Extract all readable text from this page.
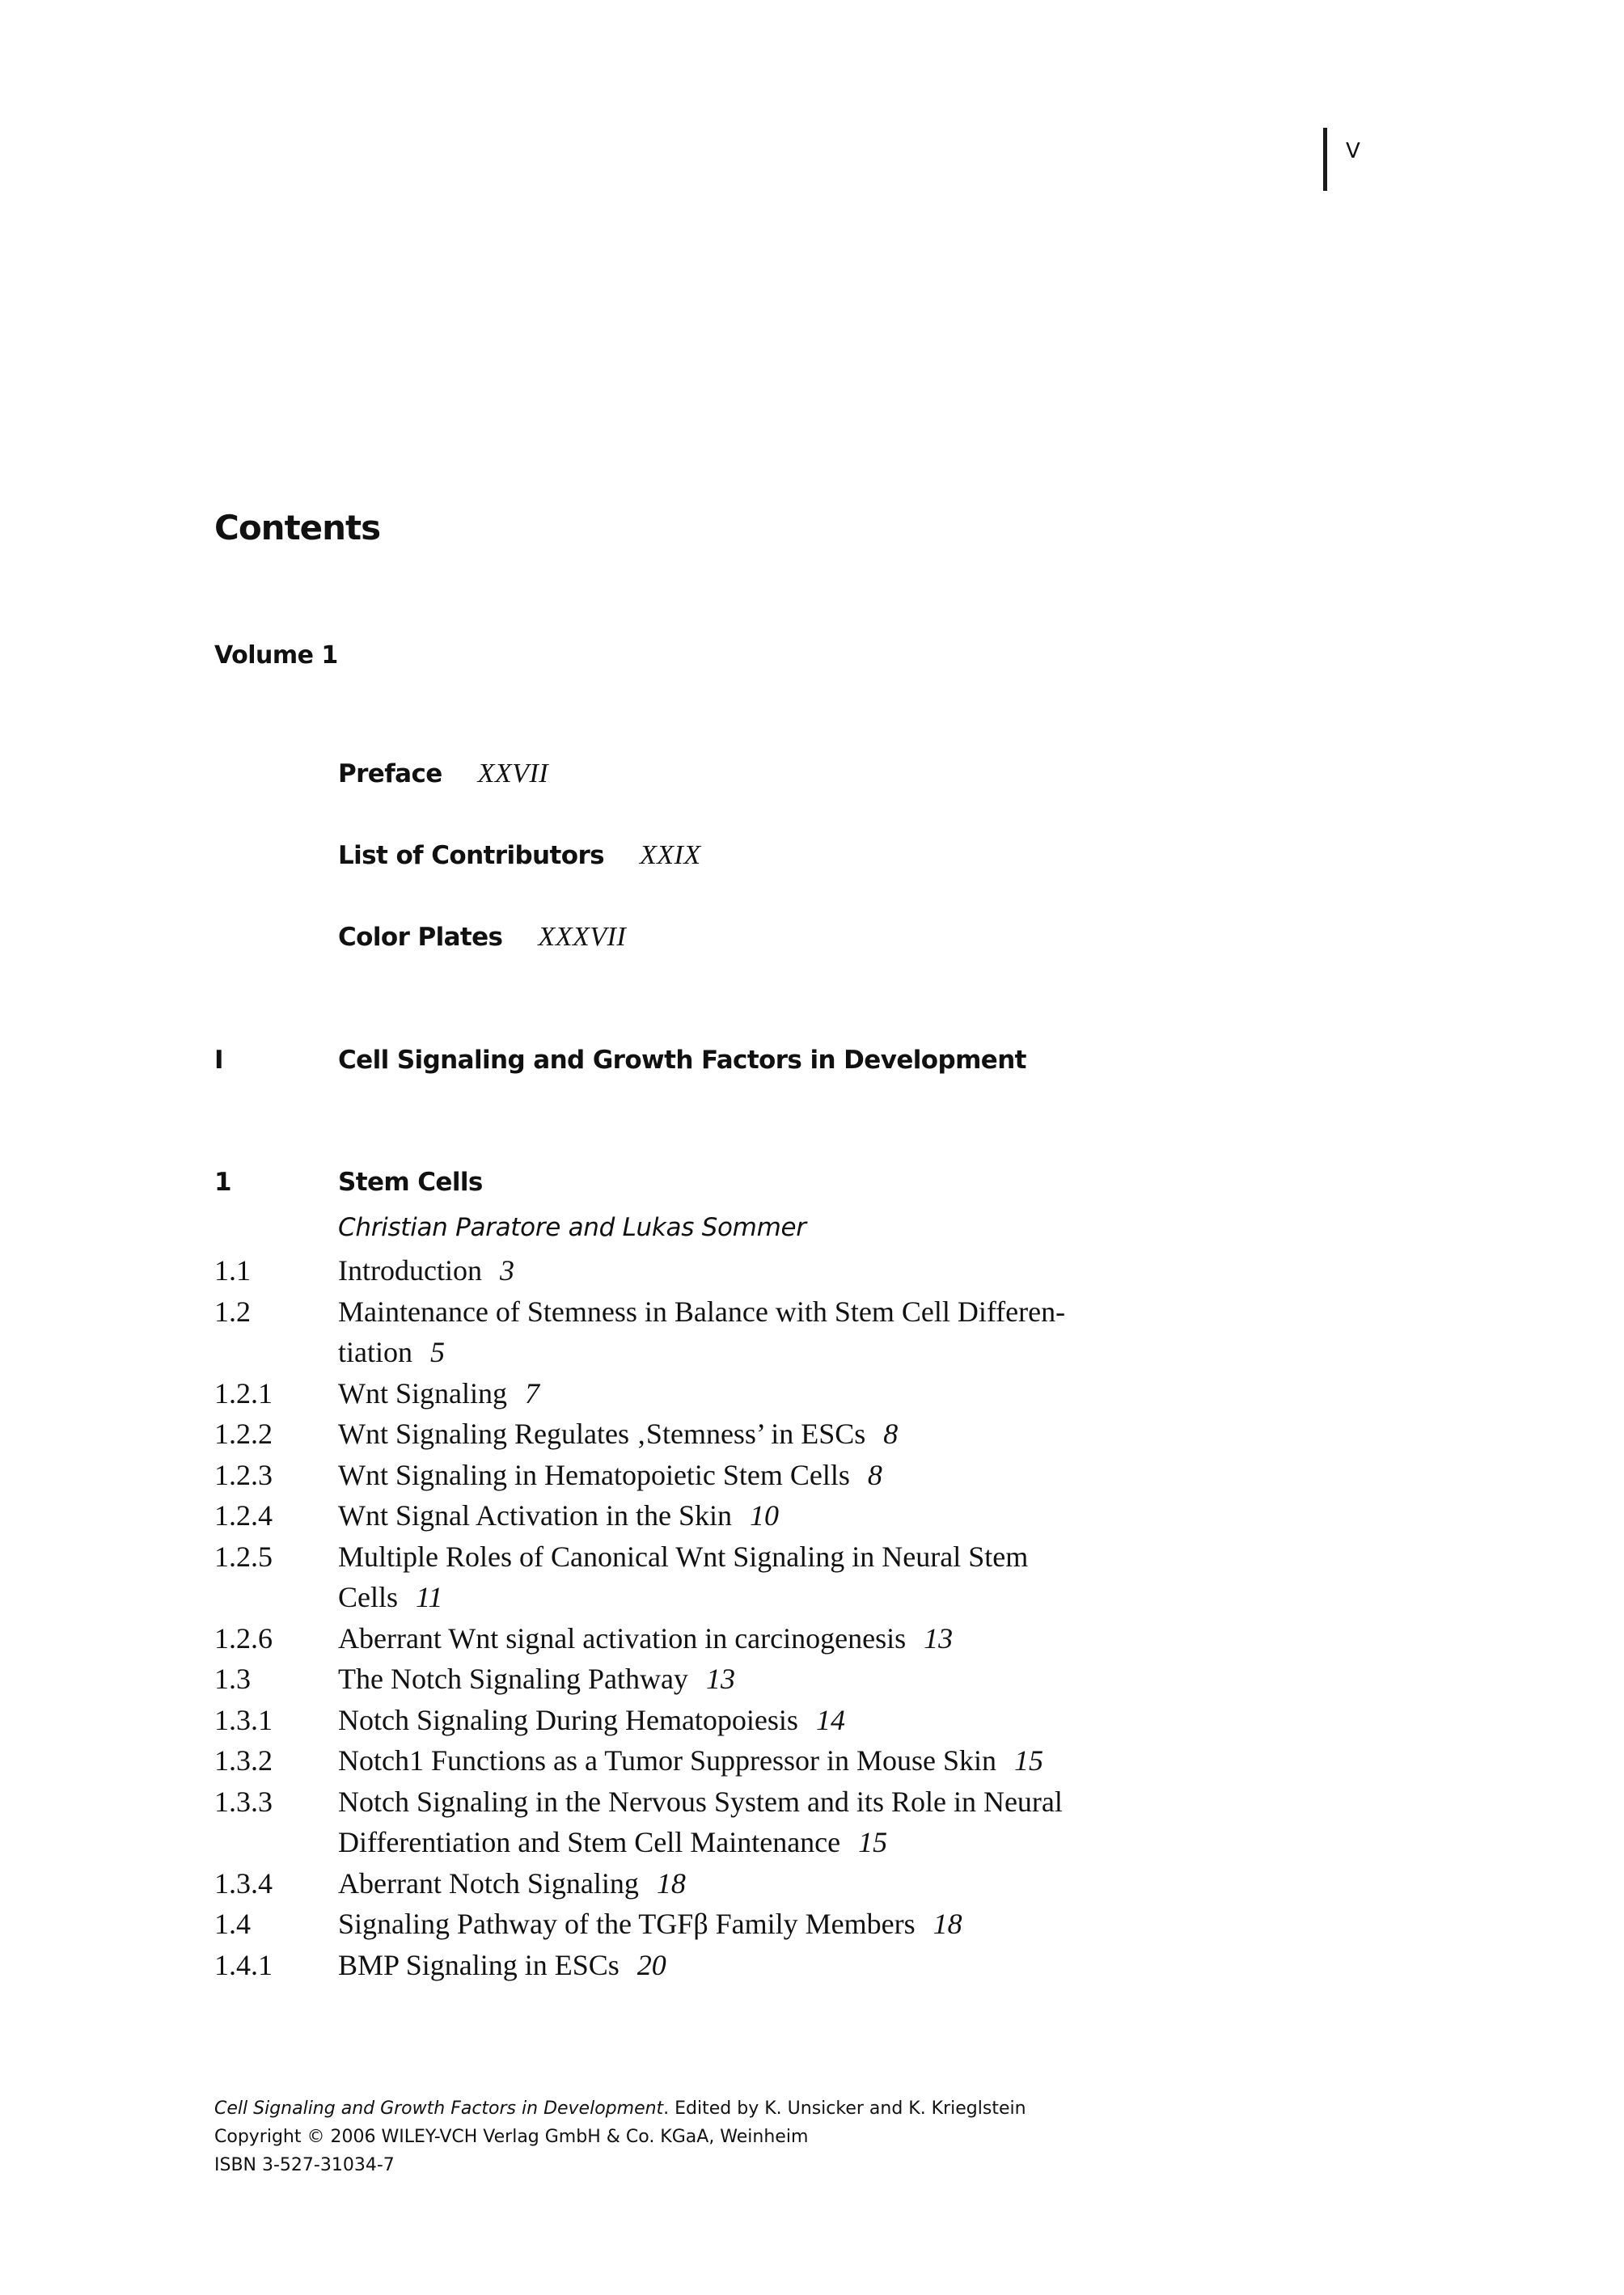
V
Contents
Volume 1
Preface XXVII
List of Contributors XXIX
Color Plates XXXVII
I	Cell Signaling and Growth Factors in Development
1	Stem Cells
Christian Paratore and Lukas Sommer
1.1	Introduction 3
1.2	Maintenance of Stemness in Balance with Stem Cell Differen-
tiation 5
1.2.1	Wnt Signaling 7
1.2.2	Wnt Signaling Regulates ‚Stemness’ in ESCs 8
1.2.3	Wnt Signaling in Hematopoietic Stem Cells 8
1.2.4	Wnt Signal Activation in the Skin 10
1.2.5	Multiple Roles of Canonical Wnt Signaling in Neural Stem
Cells 11
1.2.6	Aberrant Wnt signal activation in carcinogenesis 13
1.3	The Notch Signaling Pathway 13
1.3.1	Notch Signaling During Hematopoiesis 14
1.3.2	Notch1 Functions as a Tumor Suppressor in Mouse Skin 15
1.3.3	Notch Signaling in the Nervous System and its Role in Neural
Differentiation and Stem Cell Maintenance 15
1.3.4	Aberrant Notch Signaling 18
1.4	Signaling Pathway of the TGFβ Family Members 18
1.4.1	BMP Signaling in ESCs 20
Cell Signaling and Growth Factors in Development. Edited by K. Unsicker and K. Krieglstein
Copyright © 2006 WILEY-VCH Verlag GmbH & Co. KGaA, Weinheim
ISBN 3-527-31034-7
